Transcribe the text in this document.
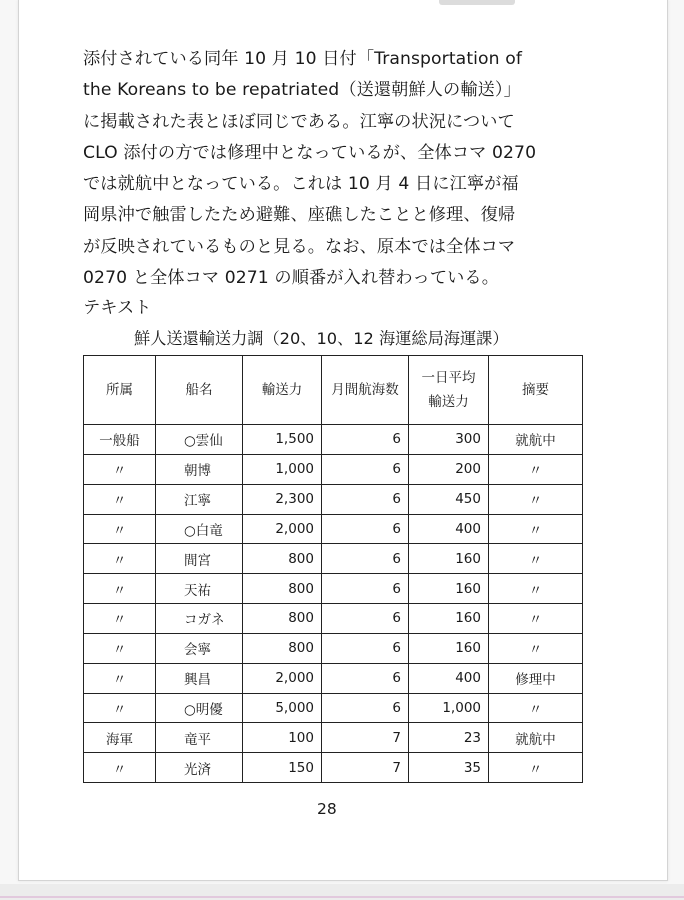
添付されている同年 10 月 10 日付「Transportation of
the Koreans to be repatriated（送還朝鮮人の輸送）」
に掲載された表とほぼ同じである。江寧の状況について
CLO 添付の方では修理中となっているが、全体コマ 0270
では就航中となっている。これは 10 月 4 日に江寧が福
岡県沖で触雷したため避難、座礁したことと修理、復帰
が反映されているものと見る。なお、原本では全体コマ
0270 と全体コマ 0271 の順番が入れ替わっている。
テキスト
鮮人送還輸送力調（20、10、12 海運総局海運課）
所属	船名	輸送力	月間航海数	一日平均
輸送力	摘要
一般船	○雲仙	1,500	6	300	就航中
〃	朝博	1,000	6	200	〃
〃	江寧	2,300	6	450	〃
〃	○白竜	2,000	6	400	〃
〃	間宮	800	6	160	〃
〃	天祐	800	6	160	〃
〃	コガネ	800	6	160	〃
〃	会寧	800	6	160	〃
〃	興昌	2,000	6	400	修理中
〃	○明優	5,000	6	1,000	〃
海軍	竜平	100	7	23	就航中
〃	光済	150	7	35	〃
28
